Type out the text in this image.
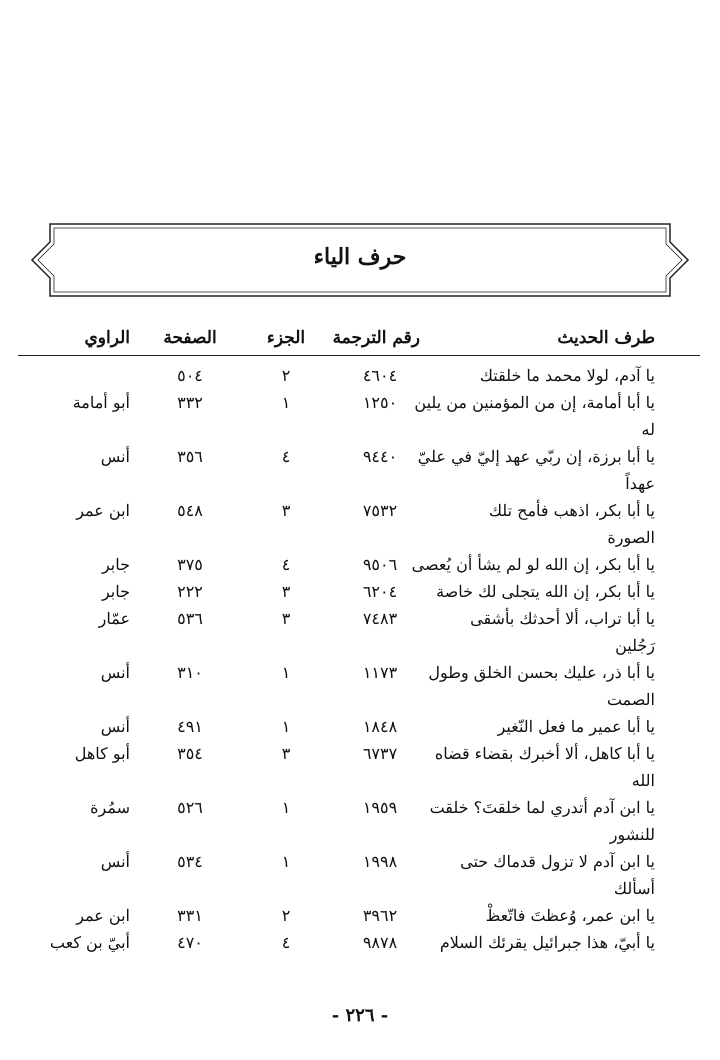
حرف الياء
طرف الحديث
رقم الترجمة
الجزء
الصفحة
الراوي
يا آدم، لولا محمد ما خلقتك
٤٦٠٤
٢
٥٠٤
يا أبا أمامة، إن من المؤمنين من يلين
١٢٥٠
١
٣٣٢
أبو أمامة
له
يا أبا برزة، إن ربّي عهد إليّ في عليّ
٩٤٤٠
٤
٣٥٦
أنس
عهداً
يا أبا بكر، اذهب فأمح تلك
٧٥٣٢
٣
٥٤٨
ابن عمر
الصورة
يا أبا بكر، إن الله لو لم يشأ أن يُعصى
٩٥٠٦
٤
٣٧٥
جابر
يا أبا بكر، إن الله يتجلى لك خاصة
٦٢٠٤
٣
٢٢٢
جابر
يا أبا تراب، ألا أحدثك بأشقى
٧٤٨٣
٣
٥٣٦
عمّار
رَجُلين
يا أبا ذر، عليك بحسن الخلق وطول
١١٧٣
١
٣١٠
أنس
الصمت
يا أبا عمير ما فعل النّغير
١٨٤٨
١
٤٩١
أنس
يا أبا كاهل، ألا أخبرك بقضاء قضاه
٦٧٣٧
٣
٣٥٤
أبو كاهل
الله
يا ابن آدم أتدري لما خلقتَ؟ خلقت
١٩٥٩
١
٥٢٦
سمُرة
للنشور
يا ابن آدم لا تزول قدماك حتى
١٩٩٨
١
٥٣٤
أنس
أسألك
يا ابن عمر، وُعظتَ فاتّعظْ
٣٩٦٢
٢
٣٣١
ابن عمر
يا أبيّ، هذا جبرائيل يقرئك السلام
٩٨٧٨
٤
٤٧٠
أبيّ بن كعب
- ٢٢٦ -
